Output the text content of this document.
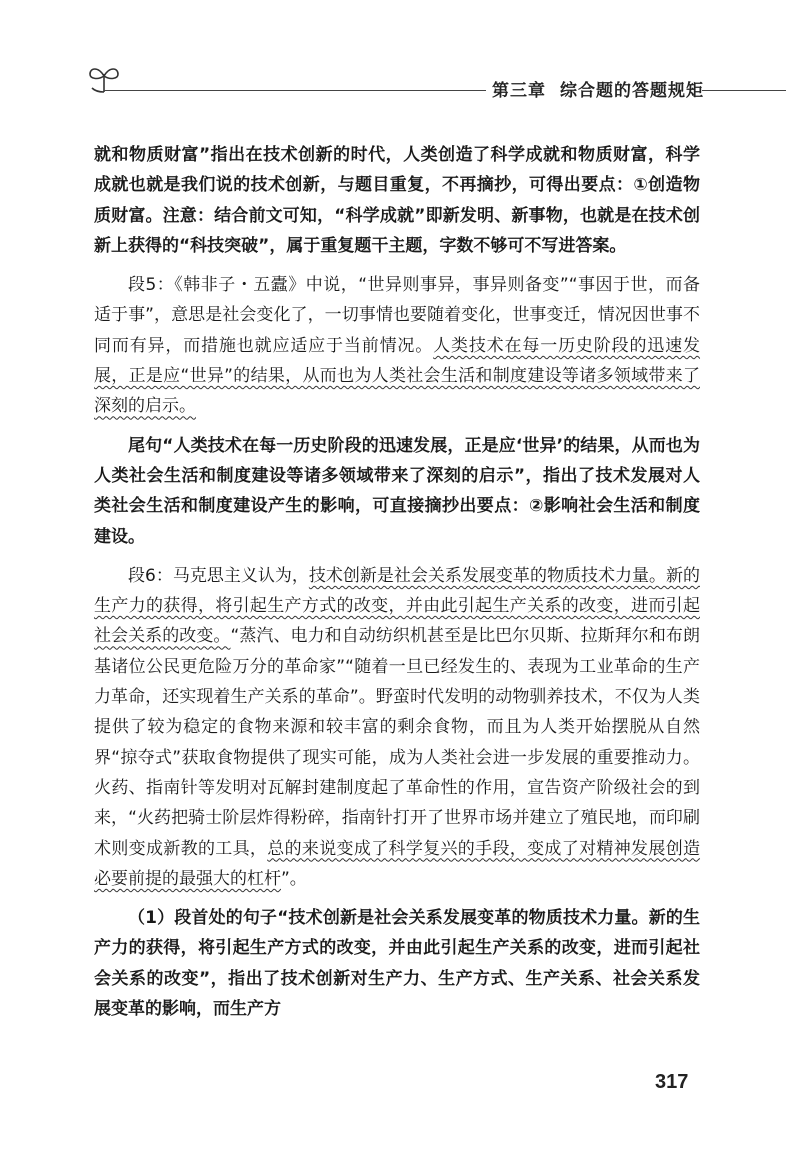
第三章 综合题的答题规矩

就和物质财富”指出在技术创新的时代，人类创造了科学成就和物质财富，科学成就也就是我们说的技术创新，与题目重复，不再摘抄，可得出要点：①创造物质财富。注意：结合前文可知，“科学成就”即新发明、新事物，也就是在技术创新上获得的“科技突破”，属于重复题干主题，字数不够可不写进答案。

段5：《韩非子・五蠹》中说，“世异则事异，事异则备变”“事因于世，而备适于事”，意思是社会变化了，一切事情也要随着变化，世事变迁，情况因世事不同而有异，而措施也就应适应于当前情况。人类技术在每一历史阶段的迅速发展，正是应“世异”的结果，从而也为人类社会生活和制度建设等诸多领域带来了深刻的启示。

尾句“人类技术在每一历史阶段的迅速发展，正是应‘世异’的结果，从而也为人类社会生活和制度建设等诸多领域带来了深刻的启示”，指出了技术发展对人类社会生活和制度建设产生的影响，可直接摘抄出要点：②影响社会生活和制度建设。

段6：马克思主义认为，技术创新是社会关系发展变革的物质技术力量。新的生产力的获得，将引起生产方式的改变，并由此引起生产关系的改变，进而引起社会关系的改变。“蒸汽、电力和自动纺织机甚至是比巴尔贝斯、拉斯拜尔和布朗基诸位公民更危险万分的革命家”“随着一旦已经发生的、表现为工业革命的生产力革命，还实现着生产关系的革命”。野蛮时代发明的动物驯养技术，不仅为人类提供了较为稳定的食物来源和较丰富的剩余食物，而且为人类开始摆脱从自然界“掠夺式”获取食物提供了现实可能，成为人类社会进一步发展的重要推动力。火药、指南针等发明对瓦解封建制度起了革命性的作用，宣告资产阶级社会的到来，“火药把骑士阶层炸得粉碎，指南针打开了世界市场并建立了殖民地，而印刷术则变成新教的工具，总的来说变成了科学复兴的手段，变成了对精神发展创造必要前提的最强大的杠杆”。

（1）段首处的句子“技术创新是社会关系发展变革的物质技术力量。新的生产力的获得，将引起生产方式的改变，并由此引起生产关系的改变，进而引起社会关系的改变”，指出了技术创新对生产力、生产方式、生产关系、社会关系发展变革的影响，而生产方

317
